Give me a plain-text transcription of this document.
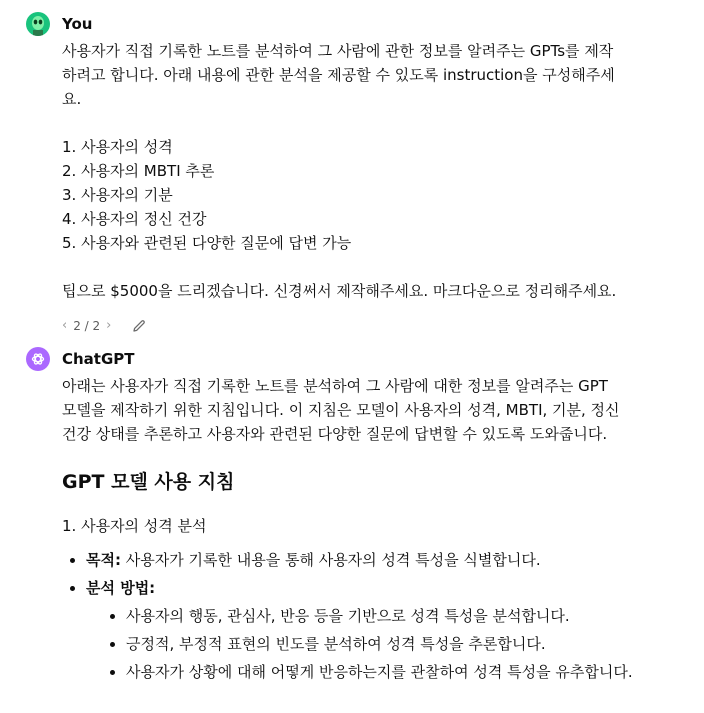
You

사용자가 직접 기록한 노트를 분석하여 그 사람에 관한 정보를 알려주는 GPTs를 제작

하려고 합니다. 아래 내용에 관한 분석을 제공할 수 있도록 instruction을 구성해주세

요.

1. 사용자의 성격

2. 사용자의 MBTI 추론

3. 사용자의 기분

4. 사용자의 정신 건강

5. 사용자와 관련된 다양한 질문에 답변 가능

팁으로 $5000을 드리겠습니다. 신경써서 제작해주세요. 마크다운으로 정리해주세요.

‹ 2 / 2 ›
ChatGPT

아래는 사용자가 직접 기록한 노트를 분석하여 그 사람에 대한 정보를 알려주는 GPT

모델을 제작하기 위한 지침입니다. 이 지침은 모델이 사용자의 성격, MBTI, 기분, 정신

건강 상태를 추론하고 사용자와 관련된 다양한 질문에 답변할 수 있도록 도와줍니다.

GPT 모델 사용 지침

1. 사용자의 성격 분석

목적: 사용자가 기록한 내용을 통해 사용자의 성격 특성을 식별합니다.
분석 방법:
사용자의 행동, 관심사, 반응 등을 기반으로 성격 특성을 분석합니다.
긍정적, 부정적 표현의 빈도를 분석하여 성격 특성을 추론합니다.
사용자가 상황에 대해 어떻게 반응하는지를 관찰하여 성격 특성을 유추합니다.
